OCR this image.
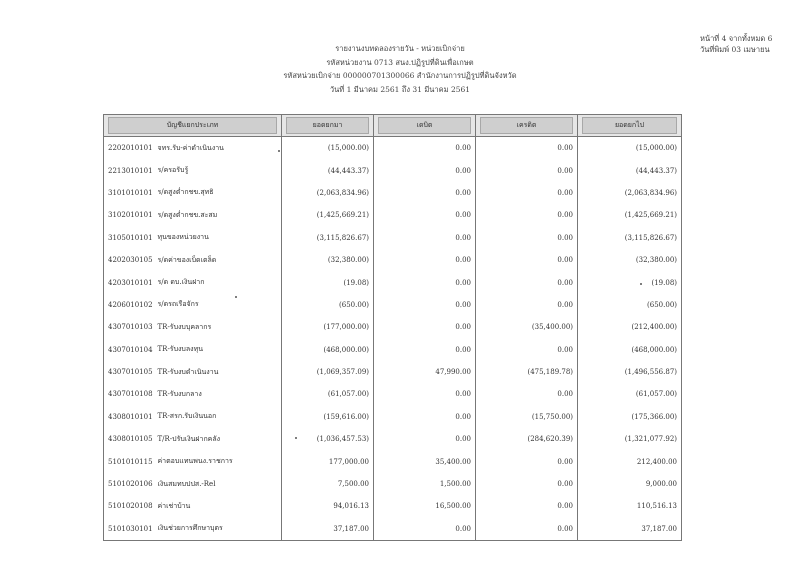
หน้าที่ 4 จากทั้งหมด 6
วันที่พิมพ์ 03 เมษายน
รายงานงบทดลองรายวัน - หน่วยเบิกจ่าย
รหัสหน่วยงาน 0713 สนง.ปฏิรูปที่ดินเพื่อเกษต
รหัสหน่วยเบิกจ่าย 000000701300066 สำนักงานการปฏิรูปที่ดินจังหวัด
วันที่ 1 มีนาคม 2561 ถึง 31 มีนาคม 2561
บัญชีแยกประเภท		ยอดยกมา	เดบิต	เครดิต	ยอดยกไป

2202010101	จทร.รับ-ค่าดำเนินงาน	(15,000.00)	0.00	0.00	(15,000.00)
2213010101	ร/ครอรับรู้	(44,443.37)	0.00	0.00	(44,443.37)
3101010101	ร/ดสูงต่ำกชข.สุทธิ	(2,063,834.96)	0.00	0.00	(2,063,834.96)
3102010101	ร/ดสูงต่ำกชข.สะสม	(1,425,669.21)	0.00	0.00	(1,425,669.21)
3105010101	ทุนของหน่วยงาน	(3,115,826.67)	0.00	0.00	(3,115,826.67)
4202030105	ร/ดค่าของเบ็ดเตล็ด	(32,380.00)	0.00	0.00	(32,380.00)
4203010101	ร/ด ดบ.เงินฝาก	(19.08)	0.00	0.00	(19.08)
4206010102	ร/ดรถเรือจักร	(650.00)	0.00	0.00	(650.00)
4307010103	TR-รับงบบุคลากร	(177,000.00)	0.00	(35,400.00)	(212,400.00)
4307010104	TR-รับงบลงทุน	(468,000.00)	0.00	0.00	(468,000.00)
4307010105	TR-รับงบดำเนินงาน	(1,069,357.09)	47,990.00	(475,189.78)	(1,496,556.87)
4307010108	TR-รับงบกลาง	(61,057.00)	0.00	0.00	(61,057.00)
4308010101	TR-สรก.รับเงินนอก	(159,616.00)	0.00	(15,750.00)	(175,366.00)
4308010105	T/R-ปรับเงินฝากคลัง	(1,036,457.53)	0.00	(284,620.39)	(1,321,077.92)
5101010115	ค่าตอบแทนพนง.ราชการ	177,000.00	35,400.00	0.00	212,400.00
5101020106	เงินสมทบปปส.-Rel	7,500.00	1,500.00	0.00	9,000.00
5101020108	ค่าเช่าบ้าน	94,016.13	16,500.00	0.00	110,516.13
5101030101	เงินช่วยการศึกษาบุตร	37,187.00	0.00	0.00	37,187.00
